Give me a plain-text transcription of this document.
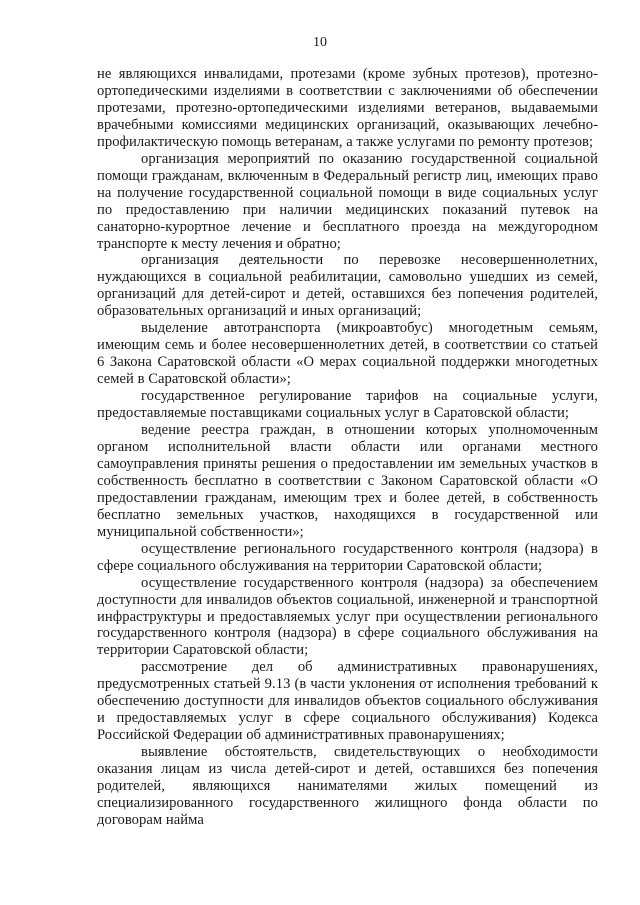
10

не являющихся инвалидами, протезами (кроме зубных протезов), протезно-ортопедическими изделиями в соответствии с заключениями об обеспечении протезами, протезно-ортопедическими изделиями ветеранов, выдаваемыми врачебными комиссиями медицинских организаций, оказывающих лечебно-профилактическую помощь ветеранам, а также услугами по ремонту протезов;

организация мероприятий по оказанию государственной социальной помощи гражданам, включенным в Федеральный регистр лиц, имеющих право на получение государственной социальной помощи в виде социальных услуг по предоставлению при наличии медицинских показаний путевок на санаторно-курортное лечение и бесплатного проезда на междугородном транспорте к месту лечения и обратно;

организация деятельности по перевозке несовершеннолетних, нуждающихся в социальной реабилитации, самовольно ушедших из семей, организаций для детей-сирот и детей, оставшихся без попечения родителей, образовательных организаций и иных организаций;

выделение автотранспорта (микроавтобус) многодетным семьям, имеющим семь и более несовершеннолетних детей, в соответствии со статьей 6 Закона Саратовской области «О мерах социальной поддержки многодетных семей в Саратовской области»;

государственное регулирование тарифов на социальные услуги, предоставляемые поставщиками социальных услуг в Саратовской области;

ведение реестра граждан, в отношении которых уполномоченным органом исполнительной власти области или органами местного самоуправления приняты решения о предоставлении им земельных участков в собственность бесплатно в соответствии с Законом Саратовской области «О предоставлении гражданам, имеющим трех и более детей, в собственность бесплатно земельных участков, находящихся в государственной или муниципальной собственности»;

осуществление регионального государственного контроля (надзора) в сфере социального обслуживания на территории Саратовской области;

осуществление государственного контроля (надзора) за обеспечением доступности для инвалидов объектов социальной, инженерной и транспортной инфраструктуры и предоставляемых услуг при осуществлении регионального государственного контроля (надзора) в сфере социального обслуживания на территории Саратовской области;

рассмотрение дел об административных правонарушениях, предусмотренных статьей 9.13 (в части уклонения от исполнения требований к обеспечению доступности для инвалидов объектов социального обслуживания и предоставляемых услуг в сфере социального обслуживания) Кодекса Российской Федерации об административных правонарушениях;

выявление обстоятельств, свидетельствующих о необходимости оказания лицам из числа детей-сирот и детей, оставшихся без попечения родителей, являющихся нанимателями жилых помещений из специализированного государственного жилищного фонда области по договорам найма
